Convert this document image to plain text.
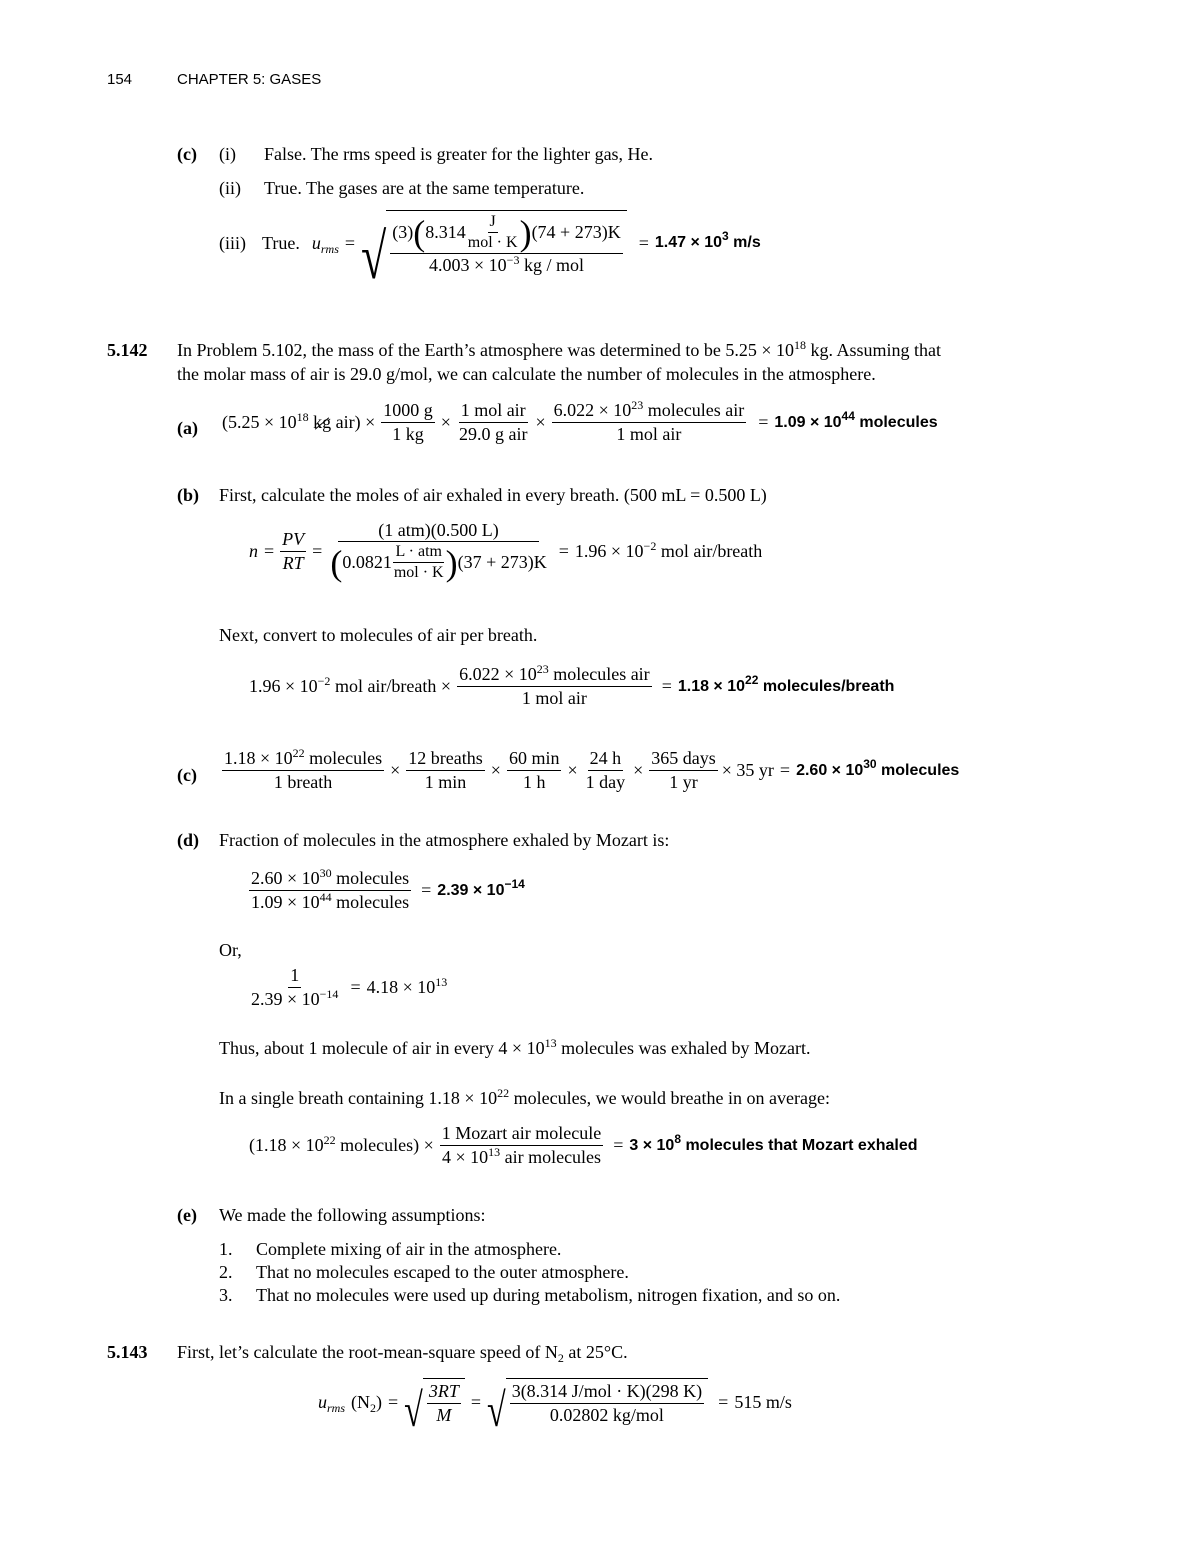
154	CHAPTER 5: GASES
(c) (i) False. The rms speed is greater for the lighter gas, He.
(ii) True. The gases are at the same temperature.
(iii) True. $u_{rms}$ = √ (3) ( $8.314 \frac{J}{\text{mol · K}}$ ) (74 + 273)K
$4.003 \times 10^{-3}$ kg / mol
= $1.47 \times 10^3$ m/s
5.142 In Problem 5.102, the mass of the Earth’s atmosphere was determined to be $5.25 \times 10^{18}$ kg. Assuming that
the molar mass of air is 29.0 g/mol, we can calculate the number of molecules in the atmosphere.
(a) ($5.25 \times 10^{18}$ kg $air) \times \frac{1000 g}{1 kg} \times \frac{\text{1 mol air}}{\text{29.0 g air}} \times \frac{6.022 \times 10^{23} molecules air}{\text{1 mol air}} = 1.09 \times 10^{44}$ molecules
(b) First, calculate the moles of air exhaled in every breath. (500 mL = 0.500 L)
$n = \frac{PV}{RT}$ =
(1 atm)(0.500 L)
( $0.0821 \frac{\text{L · atm}}{\text{mol · K}}$ ) (37 + 273)K
= $1.96 \times 10^{-2}$ mol air/breath
Next, convert to molecules of air per breath.
$1.96 \times 10^{-2}$ mol air/breath × $\frac{6.022 \times 10^{23} molecules air}{\text{1 mol air}} = 1.18 \times 10^{22}$ molecules/breath
$(c) \frac{1.18 \times 10^{22} molecules}{\text{1 breath}} \times \frac{\text{12 breaths}}{1 \min} \times \frac{60 \min}{1 h} \times \frac{24 h}{\text{1 day}} \times \frac{\text{365 days}}{1 yr} \times 35$ yr = $2.60 \times 10^{30}$ molecules
(d) Fraction of molecules in the atmosphere exhaled by Mozart is:
$\frac{2.60 \times 10^{30} molecules}{1.09 \times 10^{44} molecules} = 2.39 \times 10^{-14}$
Or,
$\frac{1}{2.39 \times 10^{-14}} = 4.18 \times 10^{13}$
Thus, about 1 molecule of air in every $4 \times 10^{13}$ molecules was exhaled by Mozart.
In a single breath containing $1.18 \times 10^{22}$ molecules, we would breathe in on average:
($1.18 \times 10^{22}$ molecules) × $\frac{\text{1 Mozart air molecule}}{4 \times 10^{13} air molecules} = 3 \times 10^8$ molecules that Mozart exhaled
(e) We made the following assumptions:
1. Complete mixing of air in the atmosphere.
2. That no molecules escaped to the outer atmosphere.
3. That no molecules were used up during metabolism, nitrogen fixation, and so on.
5.143 First, let’s calculate the root-mean-square speed of $N_2$ at 25°C.
$u_{rms}$ $(N_2)$ = √ $\frac{3RT}{M}$ = √ $\frac{\text{3(8.314 J/mol · K)(298 K)}}{\text{0.02802 kg/mol}} = 515$ m/s
